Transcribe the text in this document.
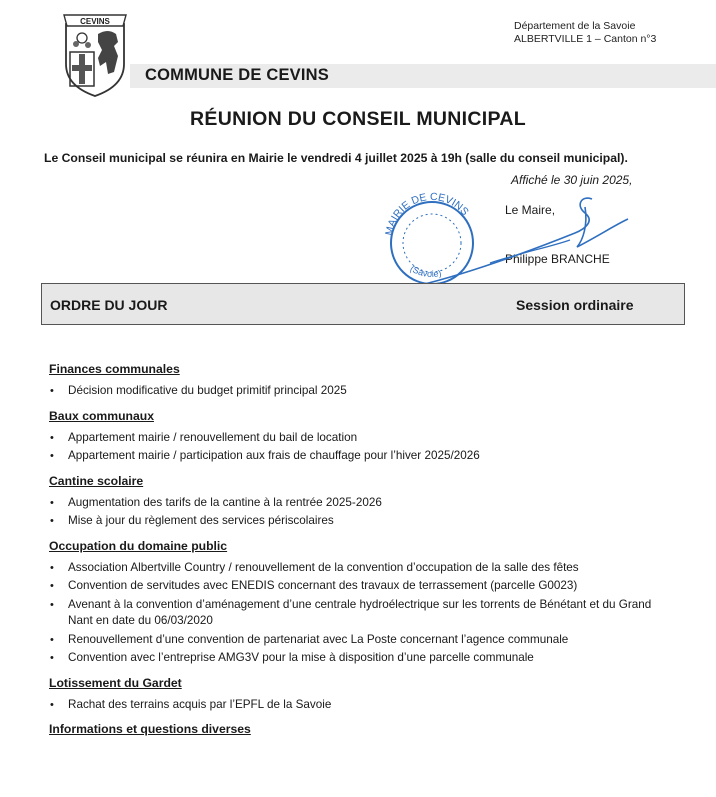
CEVINS	Département de la Savoie
ALBERTVILLE 1 – Canton n°3
COMMUNE DE CEVINS
RÉUNION DU CONSEIL MUNICIPAL
Le Conseil municipal se réunira en Mairie le vendredi 4 juillet 2025 à 19h (salle du conseil municipal).
Affiché le 30 juin 2025,
Le Maire,
Philippe BRANCHE
MAIRIE DE CEVINS
(Savoie)
ORDRE DU JOUR	Session ordinaire
Finances communales
• Décision modificative du budget primitif principal 2025
Baux communaux
• Appartement mairie / renouvellement du bail de location
• Appartement mairie / participation aux frais de chauffage pour l’hiver 2025/2026
Cantine scolaire
• Augmentation des tarifs de la cantine à la rentrée 2025-2026
• Mise à jour du règlement des services périscolaires
Occupation du domaine public
• Association Albertville Country / renouvellement de la convention d’occupation de la salle des fêtes
• Convention de servitudes avec ENEDIS concernant des travaux de terrassement (parcelle G0023)
• Avenant à la convention d’aménagement d’une centrale hydroélectrique sur les torrents de Bénétant et du Grand Nant en date du 06/03/2020
• Renouvellement d’une convention de partenariat avec La Poste concernant l’agence communale
• Convention avec l’entreprise AMG3V pour la mise à disposition d’une parcelle communale
Lotissement du Gardet
• Rachat des terrains acquis par l’EPFL de la Savoie
Informations et questions diverses
